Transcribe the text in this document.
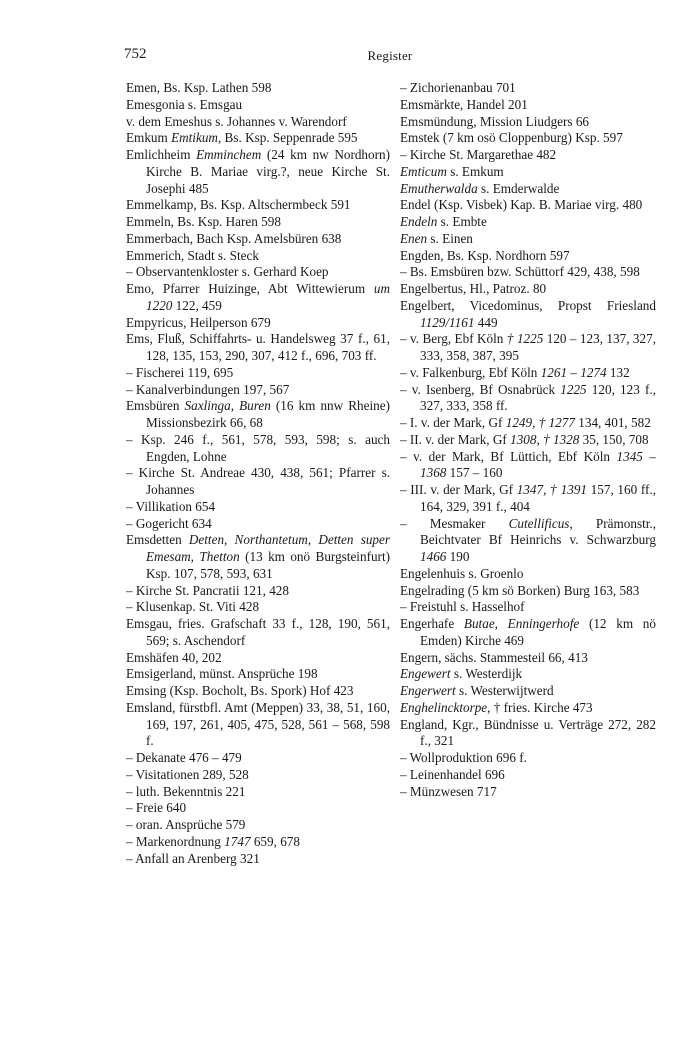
752	Register
Emen, Bs. Ksp. Lathen 598
Emesgonia s. Emsgau
v. dem Emeshus s. Johannes v. Warendorf
Emkum Emtikum, Bs. Ksp. Seppenrade 595
Emlichheim Emminchem (24 km nw Nordhorn) Kirche B. Mariae virg.?, neue Kirche St. Josephi 485
Emmelkamp, Bs. Ksp. Altschermbeck 591
Emmeln, Bs. Ksp. Haren 598
Emmerbach, Bach Ksp. Amelsbüren 638
Emmerich, Stadt s. Steck
– Observantenkloster s. Gerhard Koep
Emo, Pfarrer Huizinge, Abt Wittewierum um 1220 122, 459
Empyricus, Heilperson 679
Ems, Fluß, Schiffahrts- u. Handelsweg 37 f., 61, 128, 135, 153, 290, 307, 412 f., 696, 703 ff.
– Fischerei 119, 695
– Kanalverbindungen 197, 567
Emsbüren Saxlinga, Buren (16 km nnw Rheine) Missionsbezirk 66, 68
– Ksp. 246 f., 561, 578, 593, 598; s. auch Engden, Lohne
– Kirche St. Andreae 430, 438, 561; Pfarrer s. Johannes
– Villikation 654
– Gogericht 634
Emsdetten Detten, Northantetum, Detten super Emesam, Thetton (13 km onö Burgsteinfurt) Ksp. 107, 578, 593, 631
– Kirche St. Pancratii 121, 428
– Klusenkap. St. Viti 428
Emsgau, fries. Grafschaft 33 f., 128, 190, 561, 569; s. Aschendorf
Emshäfen 40, 202
Emsigerland, münst. Ansprüche 198
Emsing (Ksp. Bocholt, Bs. Spork) Hof 423
Emsland, fürstbfl. Amt (Meppen) 33, 38, 51, 160, 169, 197, 261, 405, 475, 528, 561 – 568, 598 f.
– Dekanate 476 – 479
– Visitationen 289, 528
– luth. Bekenntnis 221
– Freie 640
– oran. Ansprüche 579
– Markenordnung 1747 659, 678
– Anfall an Arenberg 321
– Zichorienanbau 701
Emsmärkte, Handel 201
Emsmündung, Mission Liudgers 66
Emstek (7 km osö Cloppenburg) Ksp. 597
– Kirche St. Margarethae 482
Emticum s. Emkum
Emutherwalda s. Emderwalde
Endel (Ksp. Visbek) Kap. B. Mariae virg. 480
Endeln s. Embte
Enen s. Einen
Engden, Bs. Ksp. Nordhorn 597
– Bs. Emsbüren bzw. Schüttorf 429, 438, 598
Engelbertus, Hl., Patroz. 80
Engelbert, Vicedominus, Propst Friesland 1129/1161 449
– v. Berg, Ebf Köln † 1225 120 – 123, 137, 327, 333, 358, 387, 395
– v. Falkenburg, Ebf Köln 1261 – 1274 132
– v. Isenberg, Bf Osnabrück 1225 120, 123 f., 327, 333, 358 ff.
– I. v. der Mark, Gf 1249, † 1277 134, 401, 582
– II. v. der Mark, Gf 1308, † 1328 35, 150, 708
– v. der Mark, Bf Lüttich, Ebf Köln 1345 – 1368 157 – 160
– III. v. der Mark, Gf 1347, † 1391 157, 160 ff., 164, 329, 391 f., 404
– Mesmaker Cutellificus, Prämonstr., Beichtvater Bf Heinrichs v. Schwarzburg 1466 190
Engelenhuis s. Groenlo
Engelrading (5 km sö Borken) Burg 163, 583
– Freistuhl s. Hasselhof
Engerhafe Butae, Enningerhofe (12 km nö Emden) Kirche 469
Engern, sächs. Stammesteil 66, 413
Engewert s. Westerdijk
Engerwert s. Westerwijtwerd
Enghelincktorpe, † fries. Kirche 473
England, Kgr., Bündnisse u. Verträge 272, 282 f., 321
– Wollproduktion 696 f.
– Leinenhandel 696
– Münzwesen 717
